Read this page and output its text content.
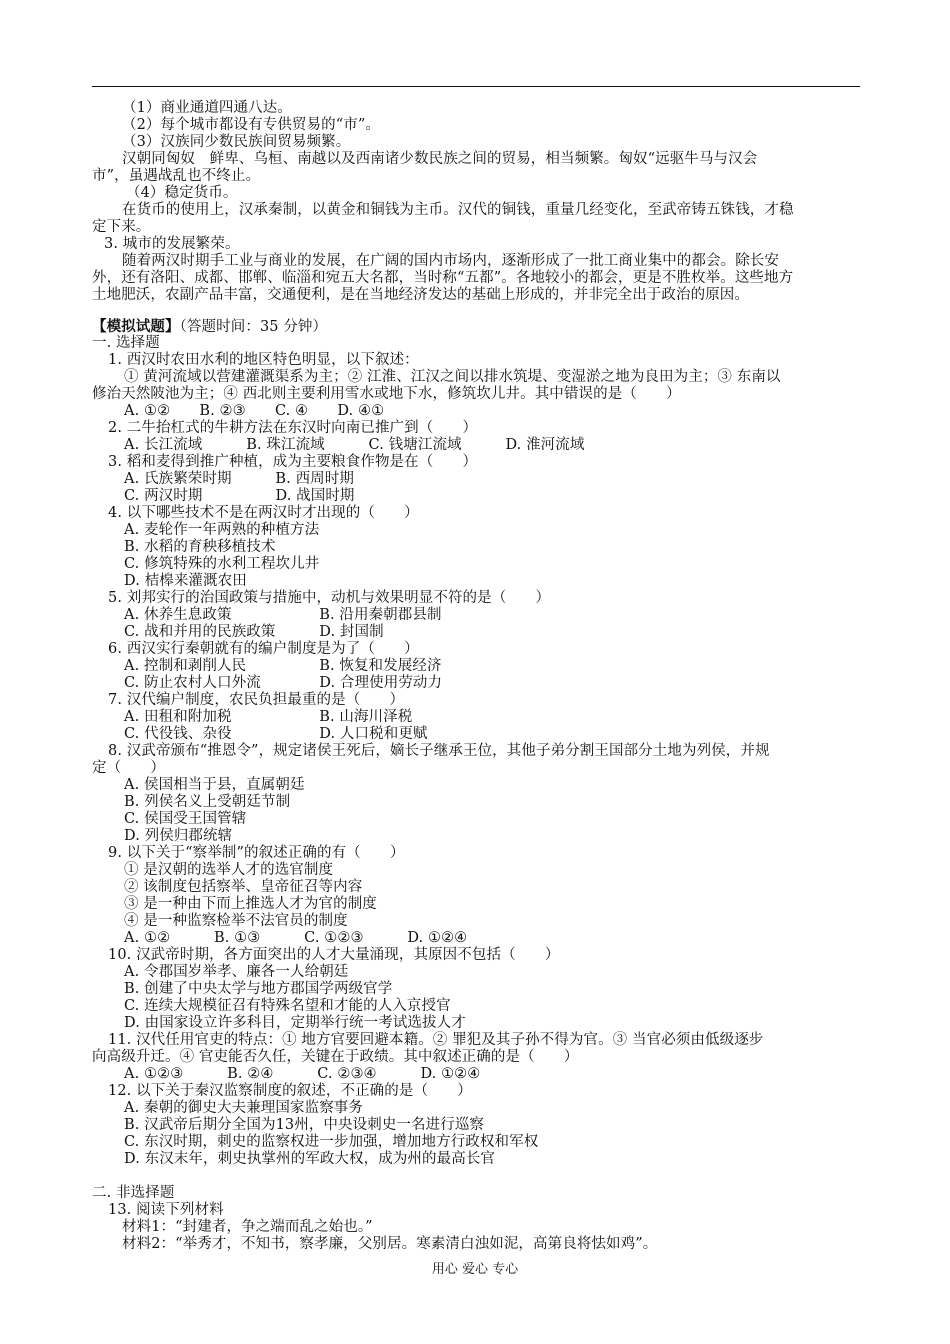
（1）商业通道四通八达。
（2）每个城市都设有专供贸易的“市”。
（3）汉族同少数民族间贸易频繁。
汉朝同匈奴　鲜卑、乌桓、南越以及西南诸少数民族之间的贸易，相当频繁。匈奴“远驱牛马与汉会
市”，虽遇战乱也不终止。
（4）稳定货币。
在货币的使用上，汉承秦制，以黄金和铜钱为主币。汉代的铜钱，重量几经变化，至武帝铸五铢钱，才稳
定下来。
3. 城市的发展繁荣。
随着两汉时期手工业与商业的发展，在广阔的国内市场内，逐渐形成了一批工商业集中的都会。除长安
外，还有洛阳、成都、邯郸、临淄和宛五大名都，当时称“五都”。各地较小的都会，更是不胜枚举。这些地方
土地肥沃，农副产品丰富，交通便利，是在当地经济发达的基础上形成的，并非完全出于政治的原因。
【模拟试题】（答题时间：35 分钟）
一. 选择题
1. 西汉时农田水利的地区特色明显，以下叙述：
① 黄河流域以营建灌溉渠系为主；② 江淮、江汉之间以排水筑堤、变湿淤之地为良田为主；③ 东南以
修治天然陂池为主；④ 西北则主要利用雪水或地下水，修筑坎儿井。其中错误的是（　　）
A. ①②　　B. ②③　　C. ④　　D. ④①
2. 二牛抬杠式的牛耕方法在东汉时向南已推广到（　　）
A. 长江流域　　　B. 珠江流域　　　C. 钱塘江流域　　　D. 淮河流域
3. 稻和麦得到推广种植，成为主要粮食作物是在（　　）
A. 氏族繁荣时期　　　B. 西周时期
C. 两汉时期　　　　　D. 战国时期
4. 以下哪些技术不是在两汉时才出现的（　　）
A. 麦轮作一年两熟的种植方法
B. 水稻的育秧移植技术
C. 修筑特殊的水利工程坎儿井
D. 桔槔来灌溉农田
5. 刘邦实行的治国政策与措施中，动机与效果明显不符的是（　　）
A. 休养生息政策　　　　　　B. 沿用秦朝郡县制
C. 战和并用的民族政策　　　D. 封国制
6. 西汉实行秦朝就有的编户制度是为了（　　）
A. 控制和剥削人民　　　　　B. 恢复和发展经济
C. 防止农村人口外流　　　　D. 合理使用劳动力
7. 汉代编户制度，农民负担最重的是（　　）
A. 田租和附加税　　　　　　B. 山海川泽税
C. 代役钱、杂役　　　　　　D. 人口税和更赋
8. 汉武帝颁布“推恩令”，规定诸侯王死后，嫡长子继承王位，其他子弟分割王国部分土地为列侯，并规
定（　　）
A. 侯国相当于县，直属朝廷
B. 列侯名义上受朝廷节制
C. 侯国受王国管辖
D. 列侯归郡统辖
9. 以下关于“察举制”的叙述正确的有（　　）
① 是汉朝的选举人才的选官制度
② 该制度包括察举、皇帝征召等内容
③ 是一种由下而上推选人才为官的制度
④ 是一种监察检举不法官员的制度
A. ①②　　　B. ①③　　　C. ①②③　　　D. ①②④
10. 汉武帝时期，各方面突出的人才大量涌现，其原因不包括（　　）
A. 令郡国岁举孝、廉各一人给朝廷
B. 创建了中央太学与地方郡国学两级官学
C. 连续大规模征召有特殊名望和才能的人入京授官
D. 由国家设立许多科目，定期举行统一考试选拔人才
11. 汉代任用官吏的特点：① 地方官要回避本籍。② 罪犯及其子孙不得为官。③ 当官必须由低级逐步
向高级升迁。④ 官吏能否久任，关键在于政绩。其中叙述正确的是（　　）
A. ①②③　　　B. ②④　　　C. ②③④　　　D. ①②④
12. 以下关于秦汉监察制度的叙述，不正确的是（　　）
A. 秦朝的御史大夫兼理国家监察事务
B. 汉武帝后期分全国为13州，中央设刺史一名进行巡察
C. 东汉时期，刺史的监察权进一步加强，增加地方行政权和军权
D. 东汉末年，刺史执掌州的军政大权，成为州的最高长官
二. 非选择题
13. 阅读下列材料
材料1：“封建者，争之端而乱之始也。”
材料2：“举秀才，不知书，察孝廉，父别居。寒素清白浊如泥，高第良将怯如鸡”。
用心 爱心 专心
